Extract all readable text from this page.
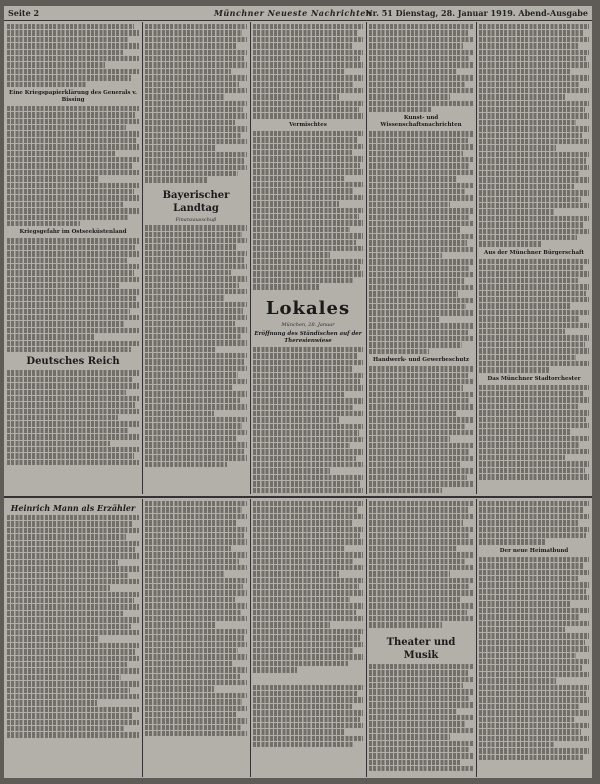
Seite 2	Münchner Neueste Nachrichten
Nr. 51 Dienstag, 28. Januar 1919. Abend-Ausgabe
Eine Kriegspapierklärung des Generals v. Bissing
Kriegsgefahr im Ostseeküstenland
Deutsches Reich
Bayerischer Landtag
Finanzausschuß
Vermischtes
Lokales
München, 28. Januar
Eröffnung des Ständischen auf der Theresienwiese
Kunst- und Wissenschaftsnachrichten
Handwerk- und Gewerbeschutz
Aus der Münchner Bürgerschaft
Das Münchner Stadtorchester
Heinrich Mann als Erzähler
Theater und Musik
Der neue Heimatbund
